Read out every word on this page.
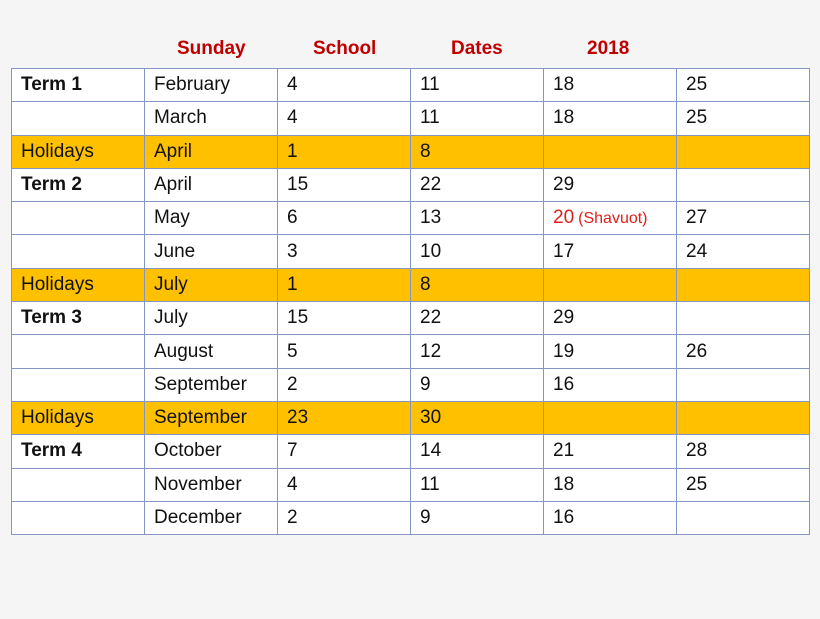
Sunday	School	Dates	2018
Term 1	February	4	11	18	25
	March	4	11	18	25
Holidays	April	1	8		
Term 2	April	15	22	29	
	May	6	13	20 (Shavuot)	27
	June	3	10	17	24
Holidays	July	1	8		
Term 3	July	15	22	29	
	August	5	12	19	26
	September	2	9	16	
Holidays	September	23	30		
Term 4	October	7	14	21	28
	November	4	11	18	25
	December	2	9	16	
